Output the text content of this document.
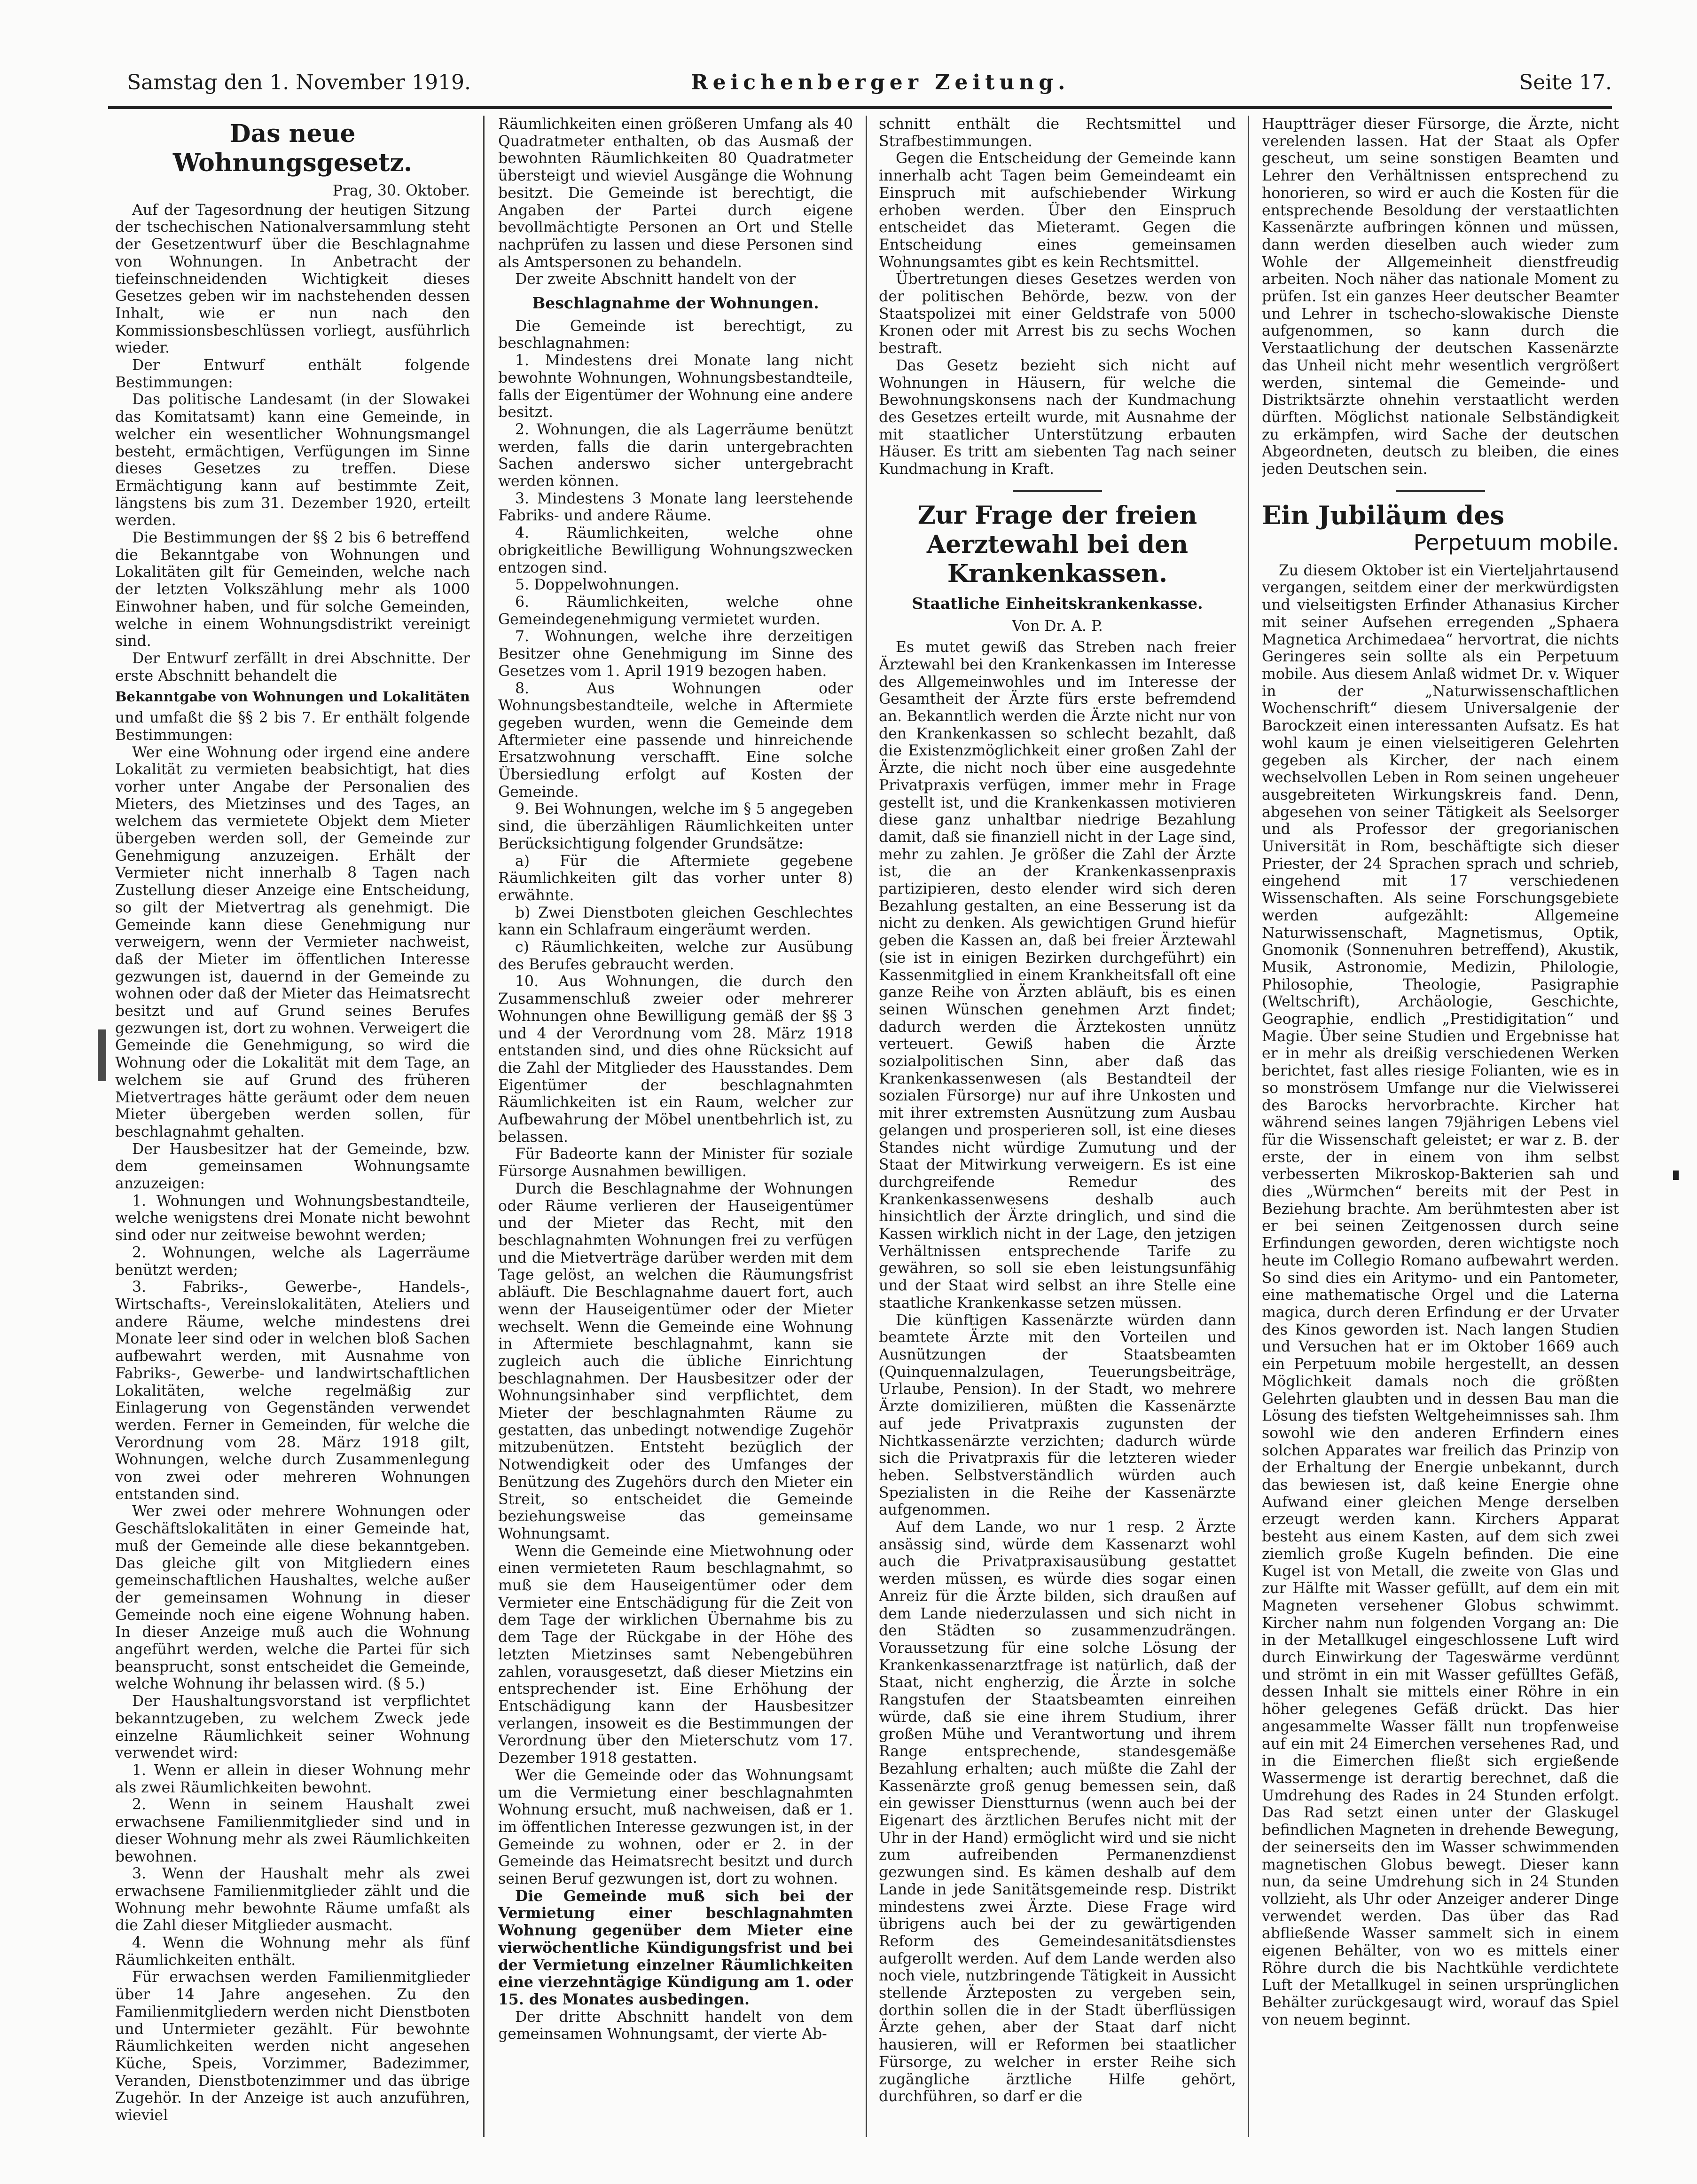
Samstag den 1. November 1919.	Reichenberger Zeitung.	Seite 17.
Das neue Wohnungsgesetz.

Prag, 30. Oktober.

Auf der Tagesordnung der heutigen Sitzung der tschechischen Nationalversammlung steht der Gesetzentwurf über die Beschlagnahme von Wohnungen. In Anbetracht der tiefeinschneidenden Wichtigkeit dieses Gesetzes geben wir im nachstehenden dessen Inhalt, wie er nun nach den Kommissionsbeschlüssen vorliegt, ausführlich wieder.

Der Entwurf enthält folgende Bestimmungen:

Das politische Landesamt (in der Slowakei das Komitatsamt) kann eine Gemeinde, in welcher ein wesentlicher Wohnungsmangel besteht, ermächtigen, Verfügungen im Sinne dieses Gesetzes zu treffen. Diese Ermächtigung kann auf bestimmte Zeit, längstens bis zum 31. Dezember 1920, erteilt werden.

Die Bestimmungen der §§ 2 bis 6 betreffend die Bekanntgabe von Wohnungen und Lokalitäten gilt für Gemeinden, welche nach der letzten Volkszählung mehr als 1000 Einwohner haben, und für solche Gemeinden, welche in einem Wohnungsdistrikt vereinigt sind.

Der Entwurf zerfällt in drei Abschnitte. Der erste Abschnitt behandelt die

Bekanntgabe von Wohnungen und Lokalitäten

und umfaßt die §§ 2 bis 7. Er enthält folgende Bestimmungen:

Wer eine Wohnung oder irgend eine andere Lokalität zu vermieten beabsichtigt, hat dies vorher unter Angabe der Personalien des Mieters, des Mietzinses und des Tages, an welchem das vermietete Objekt dem Mieter übergeben werden soll, der Gemeinde zur Genehmigung anzuzeigen. Erhält der Vermieter nicht innerhalb 8 Tagen nach Zustellung dieser Anzeige eine Entscheidung, so gilt der Mietvertrag als genehmigt. Die Gemeinde kann diese Genehmigung nur verweigern, wenn der Vermieter nachweist, daß der Mieter im öffentlichen Interesse gezwungen ist, dauernd in der Gemeinde zu wohnen oder daß der Mieter das Heimatsrecht besitzt und auf Grund seines Berufes gezwungen ist, dort zu wohnen. Verweigert die Gemeinde die Genehmigung, so wird die Wohnung oder die Lokalität mit dem Tage, an welchem sie auf Grund des früheren Mietvertrages hätte geräumt oder dem neuen Mieter übergeben werden sollen, für beschlagnahmt gehalten.

Der Hausbesitzer hat der Gemeinde, bzw. dem gemeinsamen Wohnungsamte anzuzeigen:

1. Wohnungen und Wohnungsbestandteile, welche wenigstens drei Monate nicht bewohnt sind oder nur zeitweise bewohnt werden;

2. Wohnungen, welche als Lagerräume benützt werden;

3. Fabriks-, Gewerbe-, Handels-, Wirtschafts-, Vereinslokalitäten, Ateliers und andere Räume, welche mindestens drei Monate leer sind oder in welchen bloß Sachen aufbewahrt werden, mit Ausnahme von Fabriks-, Gewerbe- und landwirtschaftlichen Lokalitäten, welche regelmäßig zur Einlagerung von Gegenständen verwendet werden. Ferner in Gemeinden, für welche die Verordnung vom 28. März 1918 gilt, Wohnungen, welche durch Zusammenlegung von zwei oder mehreren Wohnungen entstanden sind.

Wer zwei oder mehrere Wohnungen oder Geschäftslokalitäten in einer Gemeinde hat, muß der Gemeinde alle diese bekanntgeben. Das gleiche gilt von Mitgliedern eines gemeinschaftlichen Haushaltes, welche außer der gemeinsamen Wohnung in dieser Gemeinde noch eine eigene Wohnung haben. In dieser Anzeige muß auch die Wohnung angeführt werden, welche die Partei für sich beansprucht, sonst entscheidet die Gemeinde, welche Wohnung ihr belassen wird. (§ 5.)

Der Haushaltungsvorstand ist verpflichtet bekanntzugeben, zu welchem Zweck jede einzelne Räumlichkeit seiner Wohnung verwendet wird:

1. Wenn er allein in dieser Wohnung mehr als zwei Räumlichkeiten bewohnt.

2. Wenn in seinem Haushalt zwei erwachsene Familienmitglieder sind und in dieser Wohnung mehr als zwei Räumlichkeiten bewohnen.

3. Wenn der Haushalt mehr als zwei erwachsene Familienmitglieder zählt und die Wohnung mehr bewohnte Räume umfaßt als die Zahl dieser Mitglieder ausmacht.

4. Wenn die Wohnung mehr als fünf Räumlichkeiten enthält.

Für erwachsen werden Familienmitglieder über 14 Jahre angesehen. Zu den Familienmitgliedern werden nicht Dienstboten und Untermieter gezählt. Für bewohnte Räumlichkeiten werden nicht angesehen Küche, Speis, Vorzimmer, Badezimmer, Veranden, Dienstbotenzimmer und das übrige Zugehör. In der Anzeige ist auch anzuführen, wieviel

Räumlichkeiten einen größeren Umfang als 40 Quadratmeter enthalten, ob das Ausmaß der bewohnten Räumlichkeiten 80 Quadratmeter übersteigt und wieviel Ausgänge die Wohnung besitzt. Die Gemeinde ist berechtigt, die Angaben der Partei durch eigene bevollmächtigte Personen an Ort und Stelle nachprüfen zu lassen und diese Personen sind als Amtspersonen zu behandeln.

Der zweite Abschnitt handelt von der

Beschlagnahme der Wohnungen.

Die Gemeinde ist berechtigt, zu beschlagnahmen:

1. Mindestens drei Monate lang nicht bewohnte Wohnungen, Wohnungsbestandteile, falls der Eigentümer der Wohnung eine andere besitzt.

2. Wohnungen, die als Lagerräume benützt werden, falls die darin untergebrachten Sachen anderswo sicher untergebracht werden können.

3. Mindestens 3 Monate lang leerstehende Fabriks- und andere Räume.

4. Räumlichkeiten, welche ohne obrigkeitliche Bewilligung Wohnungszwecken entzogen sind.

5. Doppelwohnungen.

6. Räumlichkeiten, welche ohne Gemeindegenehmigung vermietet wurden.

7. Wohnungen, welche ihre derzeitigen Besitzer ohne Genehmigung im Sinne des Gesetzes vom 1. April 1919 bezogen haben.

8. Aus Wohnungen oder Wohnungsbestandteile, welche in Aftermiete gegeben wurden, wenn die Gemeinde dem Aftermieter eine passende und hinreichende Ersatzwohnung verschafft. Eine solche Übersiedlung erfolgt auf Kosten der Gemeinde.

9. Bei Wohnungen, welche im § 5 angegeben sind, die überzähligen Räumlichkeiten unter Berücksichtigung folgender Grundsätze:

a) Für die Aftermiete gegebene Räumlichkeiten gilt das vorher unter 8) erwähnte.

b) Zwei Dienstboten gleichen Geschlechtes kann ein Schlafraum eingeräumt werden.

c) Räumlichkeiten, welche zur Ausübung des Berufes gebraucht werden.

10. Aus Wohnungen, die durch den Zusammenschluß zweier oder mehrerer Wohnungen ohne Bewilligung gemäß der §§ 3 und 4 der Verordnung vom 28. März 1918 entstanden sind, und dies ohne Rücksicht auf die Zahl der Mitglieder des Hausstandes. Dem Eigentümer der beschlagnahmten Räumlichkeiten ist ein Raum, welcher zur Aufbewahrung der Möbel unentbehrlich ist, zu belassen.

Für Badeorte kann der Minister für soziale Fürsorge Ausnahmen bewilligen.

Durch die Beschlagnahme der Wohnungen oder Räume verlieren der Hauseigentümer und der Mieter das Recht, mit den beschlagnahmten Wohnungen frei zu verfügen und die Mietverträge darüber werden mit dem Tage gelöst, an welchen die Räumungsfrist abläuft. Die Beschlagnahme dauert fort, auch wenn der Hauseigentümer oder der Mieter wechselt. Wenn die Gemeinde eine Wohnung in Aftermiete beschlagnahmt, kann sie zugleich auch die übliche Einrichtung beschlagnahmen. Der Hausbesitzer oder der Wohnungsinhaber sind verpflichtet, dem Mieter der beschlagnahmten Räume zu gestatten, das unbedingt notwendige Zugehör mitzubenützen. Entsteht bezüglich der Notwendigkeit oder des Umfanges der Benützung des Zugehörs durch den Mieter ein Streit, so entscheidet die Gemeinde beziehungsweise das gemeinsame Wohnungsamt.

Wenn die Gemeinde eine Mietwohnung oder einen vermieteten Raum beschlagnahmt, so muß sie dem Hauseigentümer oder dem Vermieter eine Entschädigung für die Zeit von dem Tage der wirklichen Übernahme bis zu dem Tage der Rückgabe in der Höhe des letzten Mietzinses samt Nebengebühren zahlen, vorausgesetzt, daß dieser Mietzins ein entsprechender ist. Eine Erhöhung der Entschädigung kann der Hausbesitzer verlangen, insoweit es die Bestimmungen der Verordnung über den Mieterschutz vom 17. Dezember 1918 gestatten.

Wer die Gemeinde oder das Wohnungsamt um die Vermietung einer beschlagnahmten Wohnung ersucht, muß nachweisen, daß er 1. im öffentlichen Interesse gezwungen ist, in der Gemeinde zu wohnen, oder er 2. in der Gemeinde das Heimatsrecht besitzt und durch seinen Beruf gezwungen ist, dort zu wohnen.

Die Gemeinde muß sich bei der Vermietung einer beschlagnahmten Wohnung gegenüber dem Mieter eine vierwöchentliche Kündigungsfrist und bei der Vermietung einzelner Räumlichkeiten eine vierzehntägige Kündigung am 1. oder 15. des Monates ausbedingen.

Der dritte Abschnitt handelt von dem gemeinsamen Wohnungsamt, der vierte Ab-

schnitt enthält die Rechtsmittel und Strafbestimmungen.

Gegen die Entscheidung der Gemeinde kann innerhalb acht Tagen beim Gemeindeamt ein Einspruch mit aufschiebender Wirkung erhoben werden. Über den Einspruch entscheidet das Mieteramt. Gegen die Entscheidung eines gemeinsamen Wohnungsamtes gibt es kein Rechtsmittel.

Übertretungen dieses Gesetzes werden von der politischen Behörde, bezw. von der Staatspolizei mit einer Geldstrafe von 5000 Kronen oder mit Arrest bis zu sechs Wochen bestraft.

Das Gesetz bezieht sich nicht auf Wohnungen in Häusern, für welche die Bewohnungskonsens nach der Kundmachung des Gesetzes erteilt wurde, mit Ausnahme der mit staatlicher Unterstützung erbauten Häuser. Es tritt am siebenten Tag nach seiner Kundmachung in Kraft.

Zur Frage der freien Aerztewahl bei den Krankenkassen.
Staatliche Einheitskrankenkasse.

Von Dr. A. P.

Es mutet gewiß das Streben nach freier Ärztewahl bei den Krankenkassen im Interesse des Allgemeinwohles und im Interesse der Gesamtheit der Ärzte fürs erste befremdend an. Bekanntlich werden die Ärzte nicht nur von den Krankenkassen so schlecht bezahlt, daß die Existenzmöglichkeit einer großen Zahl der Ärzte, die nicht noch über eine ausgedehnte Privatpraxis verfügen, immer mehr in Frage gestellt ist, und die Krankenkassen motivieren diese ganz unhaltbar niedrige Bezahlung damit, daß sie finanziell nicht in der Lage sind, mehr zu zahlen. Je größer die Zahl der Ärzte ist, die an der Krankenkassenpraxis partizipieren, desto elender wird sich deren Bezahlung gestalten, an eine Besserung ist da nicht zu denken. Als gewichtigen Grund hiefür geben die Kassen an, daß bei freier Ärztewahl (sie ist in einigen Bezirken durchgeführt) ein Kassenmitglied in einem Krankheitsfall oft eine ganze Reihe von Ärzten abläuft, bis es einen seinen Wünschen genehmen Arzt findet; dadurch werden die Ärztekosten unnütz verteuert. Gewiß haben die Ärzte sozialpolitischen Sinn, aber daß das Krankenkassenwesen (als Bestandteil der sozialen Fürsorge) nur auf ihre Unkosten und mit ihrer extremsten Ausnützung zum Ausbau gelangen und prosperieren soll, ist eine dieses Standes nicht würdige Zumutung und der Staat der Mitwirkung verweigern. Es ist eine durchgreifende Remedur des Krankenkassenwesens deshalb auch hinsichtlich der Ärzte dringlich, und sind die Kassen wirklich nicht in der Lage, den jetzigen Verhältnissen entsprechende Tarife zu gewähren, so soll sie eben leistungsunfähig und der Staat wird selbst an ihre Stelle eine staatliche Krankenkasse setzen müssen.

Die künftigen Kassenärzte würden dann beamtete Ärzte mit den Vorteilen und Ausnützungen der Staatsbeamten (Quinquennalzulagen, Teuerungsbeiträge, Urlaube, Pension). In der Stadt, wo mehrere Ärzte domizilieren, müßten die Kassenärzte auf jede Privatpraxis zugunsten der Nichtkassenärzte verzichten; dadurch würde sich die Privatpraxis für die letzteren wieder heben. Selbstverständlich würden auch Spezialisten in die Reihe der Kassenärzte aufgenommen.

Auf dem Lande, wo nur 1 resp. 2 Ärzte ansässig sind, würde dem Kassenarzt wohl auch die Privatpraxisausübung gestattet werden müssen, es würde dies sogar einen Anreiz für die Ärzte bilden, sich draußen auf dem Lande niederzulassen und sich nicht in den Städten so zusammenzudrängen. Voraussetzung für eine solche Lösung der Krankenkassenarztfrage ist natürlich, daß der Staat, nicht engherzig, die Ärzte in solche Rangstufen der Staatsbeamten einreihen würde, daß sie eine ihrem Studium, ihrer großen Mühe und Verantwortung und ihrem Range entsprechende, standesgemäße Bezahlung erhalten; auch müßte die Zahl der Kassenärzte groß genug bemessen sein, daß ein gewisser Dienstturnus (wenn auch bei der Eigenart des ärztlichen Berufes nicht mit der Uhr in der Hand) ermöglicht wird und sie nicht zum aufreibenden Permanenzdienst gezwungen sind. Es kämen deshalb auf dem Lande in jede Sanitätsgemeinde resp. Distrikt mindestens zwei Ärzte. Diese Frage wird übrigens auch bei der zu gewärtigenden Reform des Gemeindesanitätsdienstes aufgerollt werden. Auf dem Lande werden also noch viele, nutzbringende Tätigkeit in Aussicht stellende Ärzteposten zu vergeben sein, dorthin sollen die in der Stadt überflüssigen Ärzte gehen, aber der Staat darf nicht hausieren, will er Reformen bei staatlicher Fürsorge, zu welcher in erster Reihe sich zugängliche ärztliche Hilfe gehört, durchführen, so darf er die

Hauptträger dieser Fürsorge, die Ärzte, nicht verelenden lassen. Hat der Staat als Opfer gescheut, um seine sonstigen Beamten und Lehrer den Verhältnissen entsprechend zu honorieren, so wird er auch die Kosten für die entsprechende Besoldung der verstaatlichten Kassenärzte aufbringen können und müssen, dann werden dieselben auch wieder zum Wohle der Allgemeinheit dienstfreudig arbeiten. Noch näher das nationale Moment zu prüfen. Ist ein ganzes Heer deutscher Beamter und Lehrer in tschecho-slowakische Dienste aufgenommen, so kann durch die Verstaatlichung der deutschen Kassenärzte das Unheil nicht mehr wesentlich vergrößert werden, sintemal die Gemeinde- und Distriktsärzte ohnehin verstaatlicht werden dürften. Möglichst nationale Selbständigkeit zu erkämpfen, wird Sache der deutschen Abgeordneten, deutsch zu bleiben, die eines jeden Deutschen sein.

Ein Jubiläum des
Perpetuum mobile.

Zu diesem Oktober ist ein Vierteljahrtausend vergangen, seitdem einer der merkwürdigsten und vielseitigsten Erfinder Athanasius Kircher mit seiner Aufsehen erregenden „Sphaera Magnetica Archimedaea“ hervortrat, die nichts Geringeres sein sollte als ein Perpetuum mobile. Aus diesem Anlaß widmet Dr. v. Wiquer in der „Naturwissenschaftlichen Wochenschrift“ diesem Universalgenie der Barockzeit einen interessanten Aufsatz. Es hat wohl kaum je einen vielseitigeren Gelehrten gegeben als Kircher, der nach einem wechselvollen Leben in Rom seinen ungeheuer ausgebreiteten Wirkungskreis fand. Denn, abgesehen von seiner Tätigkeit als Seelsorger und als Professor der gregorianischen Universität in Rom, beschäftigte sich dieser Priester, der 24 Sprachen sprach und schrieb, eingehend mit 17 verschiedenen Wissenschaften. Als seine Forschungsgebiete werden aufgezählt: Allgemeine Naturwissenschaft, Magnetismus, Optik, Gnomonik (Sonnenuhren betreffend), Akustik, Musik, Astronomie, Medizin, Philologie, Philosophie, Theologie, Pasigraphie (Weltschrift), Archäologie, Geschichte, Geographie, endlich „Prestidigitation“ und Magie. Über seine Studien und Ergebnisse hat er in mehr als dreißig verschiedenen Werken berichtet, fast alles riesige Folianten, wie es in so monströsem Umfange nur die Vielwisserei des Barocks hervorbrachte. Kircher hat während seines langen 79jährigen Lebens viel für die Wissenschaft geleistet; er war z. B. der erste, der in einem von ihm selbst verbesserten Mikroskop-Bakterien sah und dies „Würmchen“ bereits mit der Pest in Beziehung brachte. Am berühmtesten aber ist er bei seinen Zeitgenossen durch seine Erfindungen geworden, deren wichtigste noch heute im Collegio Romano aufbewahrt werden. So sind dies ein Aritymo- und ein Pantometer, eine mathematische Orgel und die Laterna magica, durch deren Erfindung er der Urvater des Kinos geworden ist. Nach langen Studien und Versuchen hat er im Oktober 1669 auch ein Perpetuum mobile hergestellt, an dessen Möglichkeit damals noch die größten Gelehrten glaubten und in dessen Bau man die Lösung des tiefsten Weltgeheimnisses sah. Ihm sowohl wie den anderen Erfindern eines solchen Apparates war freilich das Prinzip von der Erhaltung der Energie unbekannt, durch das bewiesen ist, daß keine Energie ohne Aufwand einer gleichen Menge derselben erzeugt werden kann. Kirchers Apparat besteht aus einem Kasten, auf dem sich zwei ziemlich große Kugeln befinden. Die eine Kugel ist von Metall, die zweite von Glas und zur Hälfte mit Wasser gefüllt, auf dem ein mit Magneten versehener Globus schwimmt. Kircher nahm nun folgenden Vorgang an: Die in der Metallkugel eingeschlossene Luft wird durch Einwirkung der Tageswärme verdünnt und strömt in ein mit Wasser gefülltes Gefäß, dessen Inhalt sie mittels einer Röhre in ein höher gelegenes Gefäß drückt. Das hier angesammelte Wasser fällt nun tropfenweise auf ein mit 24 Eimerchen versehenes Rad, und in die Eimerchen fließt sich ergießende Wassermenge ist derartig berechnet, daß die Umdrehung des Rades in 24 Stunden erfolgt. Das Rad setzt einen unter der Glaskugel befindlichen Magneten in drehende Bewegung, der seinerseits den im Wasser schwimmenden magnetischen Globus bewegt. Dieser kann nun, da seine Umdrehung sich in 24 Stunden vollzieht, als Uhr oder Anzeiger anderer Dinge verwendet werden. Das über das Rad abfließende Wasser sammelt sich in einem eigenen Behälter, von wo es mittels einer Röhre durch die bis Nachtkühle verdichtete Luft der Metallkugel in seinen ursprünglichen Behälter zurückgesaugt wird, worauf das Spiel von neuem beginnt.
